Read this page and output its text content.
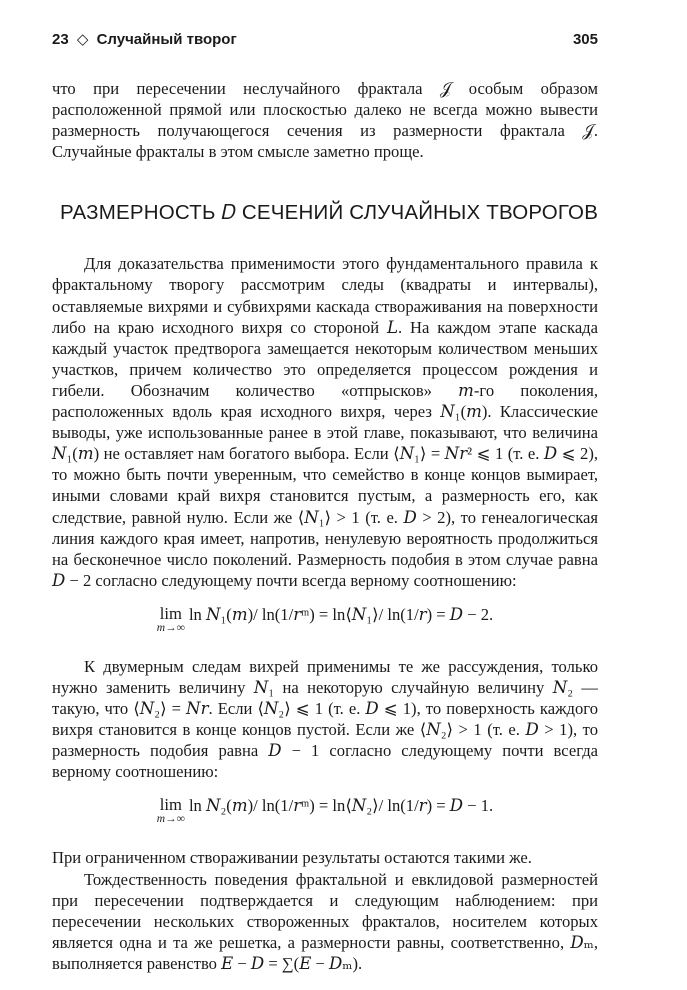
23 ◇ Случайный творог	305

что при пересечении неслучайного фрактала 𝒥 особым образом расположенной прямой или плоскостью далеко не всегда можно вывести размерность получающегося сечения из размерности фрактала 𝒥. Случайные фракталы в этом смысле заметно проще.

РАЗМЕРНОСТЬ 𝐷 СЕЧЕНИЙ СЛУЧАЙНЫХ ТВОРОГОВ

Для доказательства применимости этого фундаментального правила к фрактальному творогу рассмотрим следы (квадраты и интервалы), оставляемые вихрями и субвихрями каскада створаживания на поверхности либо на краю исходного вихря со стороной 𝐿. На каждом этапе каскада каждый участок предтворога замещается некоторым количеством меньших участков, причем количество это определяется процессом рождения и гибели. Обозначим количество «отпрысков» 𝑚-го поколения, расположенных вдоль края исходного вихря, через 𝑁₁(𝑚). Классические выводы, уже использованные ранее в этой главе, показывают, что величина 𝑁₁(𝑚) не оставляет нам богатого выбора. Если ⟨𝑁₁⟩ = 𝑁𝑟² ⩽ 1 (т. е. 𝐷 ⩽ 2), то можно быть почти уверенным, что семейство в конце концов вымирает, иными словами край вихря становится пустым, а размерность его, как следствие, равной нулю. Если же ⟨𝑁₁⟩ > 1 (т. е. 𝐷 > 2), то генеалогическая линия каждого края имеет, напротив, ненулевую вероятность продолжиться на бесконечное число поколений. Размерность подобия в этом случае равна 𝐷 − 2 согласно следующему почти всегда верному соотношению:

lim
m→∞
ln 𝑁₁(𝑚)/ ln(1/𝑟ᵐ) = ln⟨𝑁₁⟩/ ln(1/𝑟) = 𝐷 − 2.

К двумерным следам вихрей применимы те же рассуждения, только нужно заменить величину 𝑁₁ на некоторую случайную величину 𝑁₂ — такую, что ⟨𝑁₂⟩ = 𝑁𝑟. Если ⟨𝑁₂⟩ ⩽ 1 (т. е. 𝐷 ⩽ 1), то поверхность каждого вихря становится в конце концов пустой. Если же ⟨𝑁₂⟩ > 1 (т. е. 𝐷 > 1), то размерность подобия равна 𝐷 − 1 согласно следующему почти всегда верному соотношению:

lim
m→∞
ln 𝑁₂(𝑚)/ ln(1/𝑟ᵐ) = ln⟨𝑁₂⟩/ ln(1/𝑟) = 𝐷 − 1.

При ограниченном створаживании результаты остаются такими же.

Тождественность поведения фрактальной и евклидовой размерностей при пересечении подтверждается и следующим наблюдением: при пересечении нескольких створоженных фракталов, носителем которых является одна и та же решетка, а размерности равны, соответственно, 𝐷ₘ, выполняется равенство 𝐸 − 𝐷 = ∑(𝐸 − 𝐷ₘ).
